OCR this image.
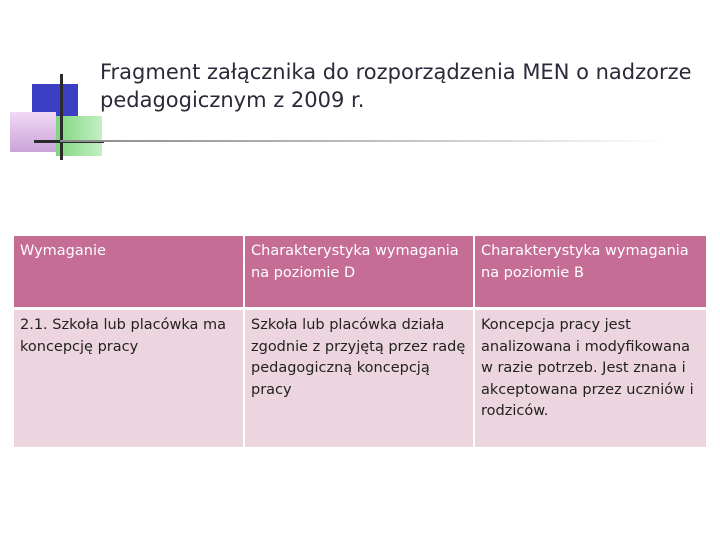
Fragment załącznika do rozporządzenia MEN o nadzorze pedagogicznym z 2009 r.
Wymaganie	Charakterystyka wymagania na poziomie D	Charakterystyka wymagania na poziomie B
2.1. Szkoła lub placówka ma koncepcję pracy	Szkoła lub placówka działa zgodnie z przyjętą przez radę pedagogiczną koncepcją pracy	Koncepcja pracy jest analizowana i modyfikowana w razie potrzeb. Jest znana i akceptowana przez uczniów i rodziców.
